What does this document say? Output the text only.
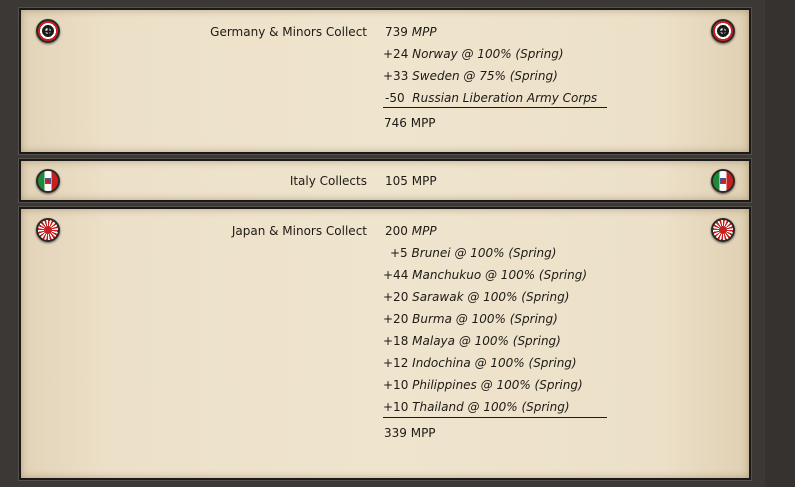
Germany & Minors Collect 739 MPP
+24 Norway @ 100% (Spring)
+33 Sweden @ 75% (Spring)
-50 Russian Liberation Army Corps
746 MPP
Italy Collects 105 MPP
Japan & Minors Collect 200 MPP
+5 Brunei @ 100% (Spring)
+44 Manchukuo @ 100% (Spring)
+20 Sarawak @ 100% (Spring)
+20 Burma @ 100% (Spring)
+18 Malaya @ 100% (Spring)
+12 Indochina @ 100% (Spring)
+10 Philippines @ 100% (Spring)
+10 Thailand @ 100% (Spring)
339 MPP
